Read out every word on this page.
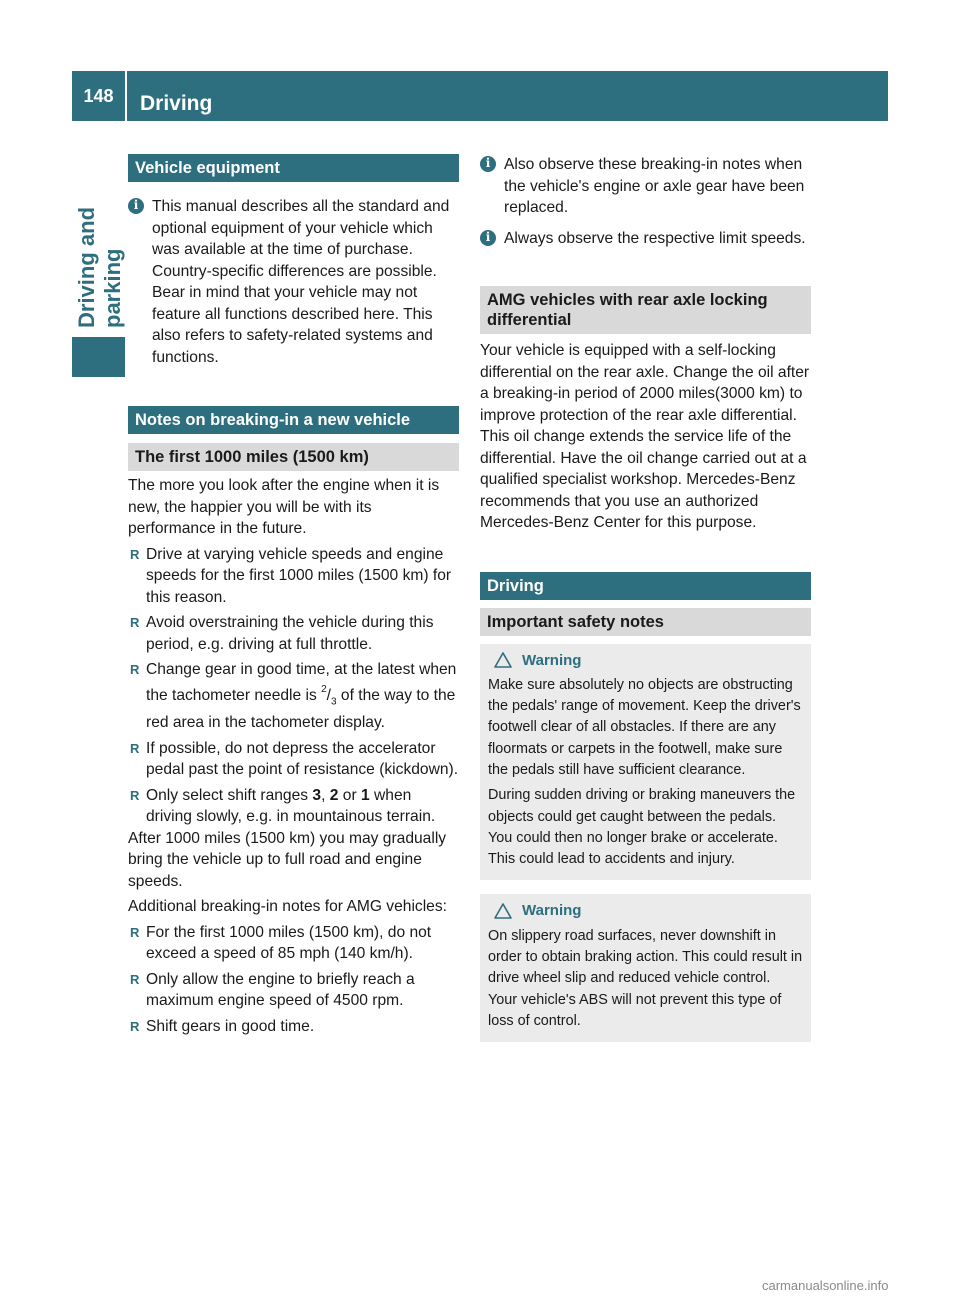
148	Driving
Driving and parking
Vehicle equipment
i This manual describes all the standard and optional equipment of your vehicle which was available at the time of purchase. Country-specific differences are possible. Bear in mind that your vehicle may not feature all functions described here. This also refers to safety-related systems and functions.

Notes on breaking-in a new vehicle
The first 1000 miles (1500 km)

The more you look after the engine when it is new, the happier you will be with its performance in the future.

R Drive at varying vehicle speeds and engine speeds for the first 1000 miles (1500 km) for this reason.
R Avoid overstraining the vehicle during this period, e.g. driving at full throttle.
R Change gear in good time, at the latest when the tachometer needle is $^2/_3$ of the way to the red area in the tachometer display.
R If possible, do not depress the accelerator pedal past the point of resistance (kickdown).
R Only select shift ranges 3, 2 or 1 when driving slowly, e.g. in mountainous terrain.

After 1000 miles (1500 km) you may gradually bring the vehicle up to full road and engine speeds.

Additional breaking-in notes for AMG vehicles:

R For the first 1000 miles (1500 km), do not exceed a speed of 85 mph (140 km/h).
R Only allow the engine to briefly reach a maximum engine speed of 4500 rpm.
R Shift gears in good time.
i Also observe these breaking-in notes when the vehicle's engine or axle gear have been replaced.

i Always observe the respective limit speeds.

AMG vehicles with rear axle locking differential

Your vehicle is equipped with a self-locking differential on the rear axle. Change the oil after a breaking-in period of 2000 miles(3000 km) to improve protection of the rear axle differential. This oil change extends the service life of the differential. Have the oil change carried out at a qualified specialist workshop. Mercedes-Benz recommends that you use an authorized Mercedes-Benz Center for this purpose.

Driving
Important safety notes
Warning

Make sure absolutely no objects are obstructing the pedals' range of movement. Keep the driver's footwell clear of all obstacles. If there are any floormats or carpets in the footwell, make sure the pedals still have sufficient clearance.

During sudden driving or braking maneuvers the objects could get caught between the pedals. You could then no longer brake or accelerate. This could lead to accidents and injury.

Warning

On slippery road surfaces, never downshift in order to obtain braking action. This could result in drive wheel slip and reduced vehicle control. Your vehicle's ABS will not prevent this type of loss of control.

carmanualsonline.info
